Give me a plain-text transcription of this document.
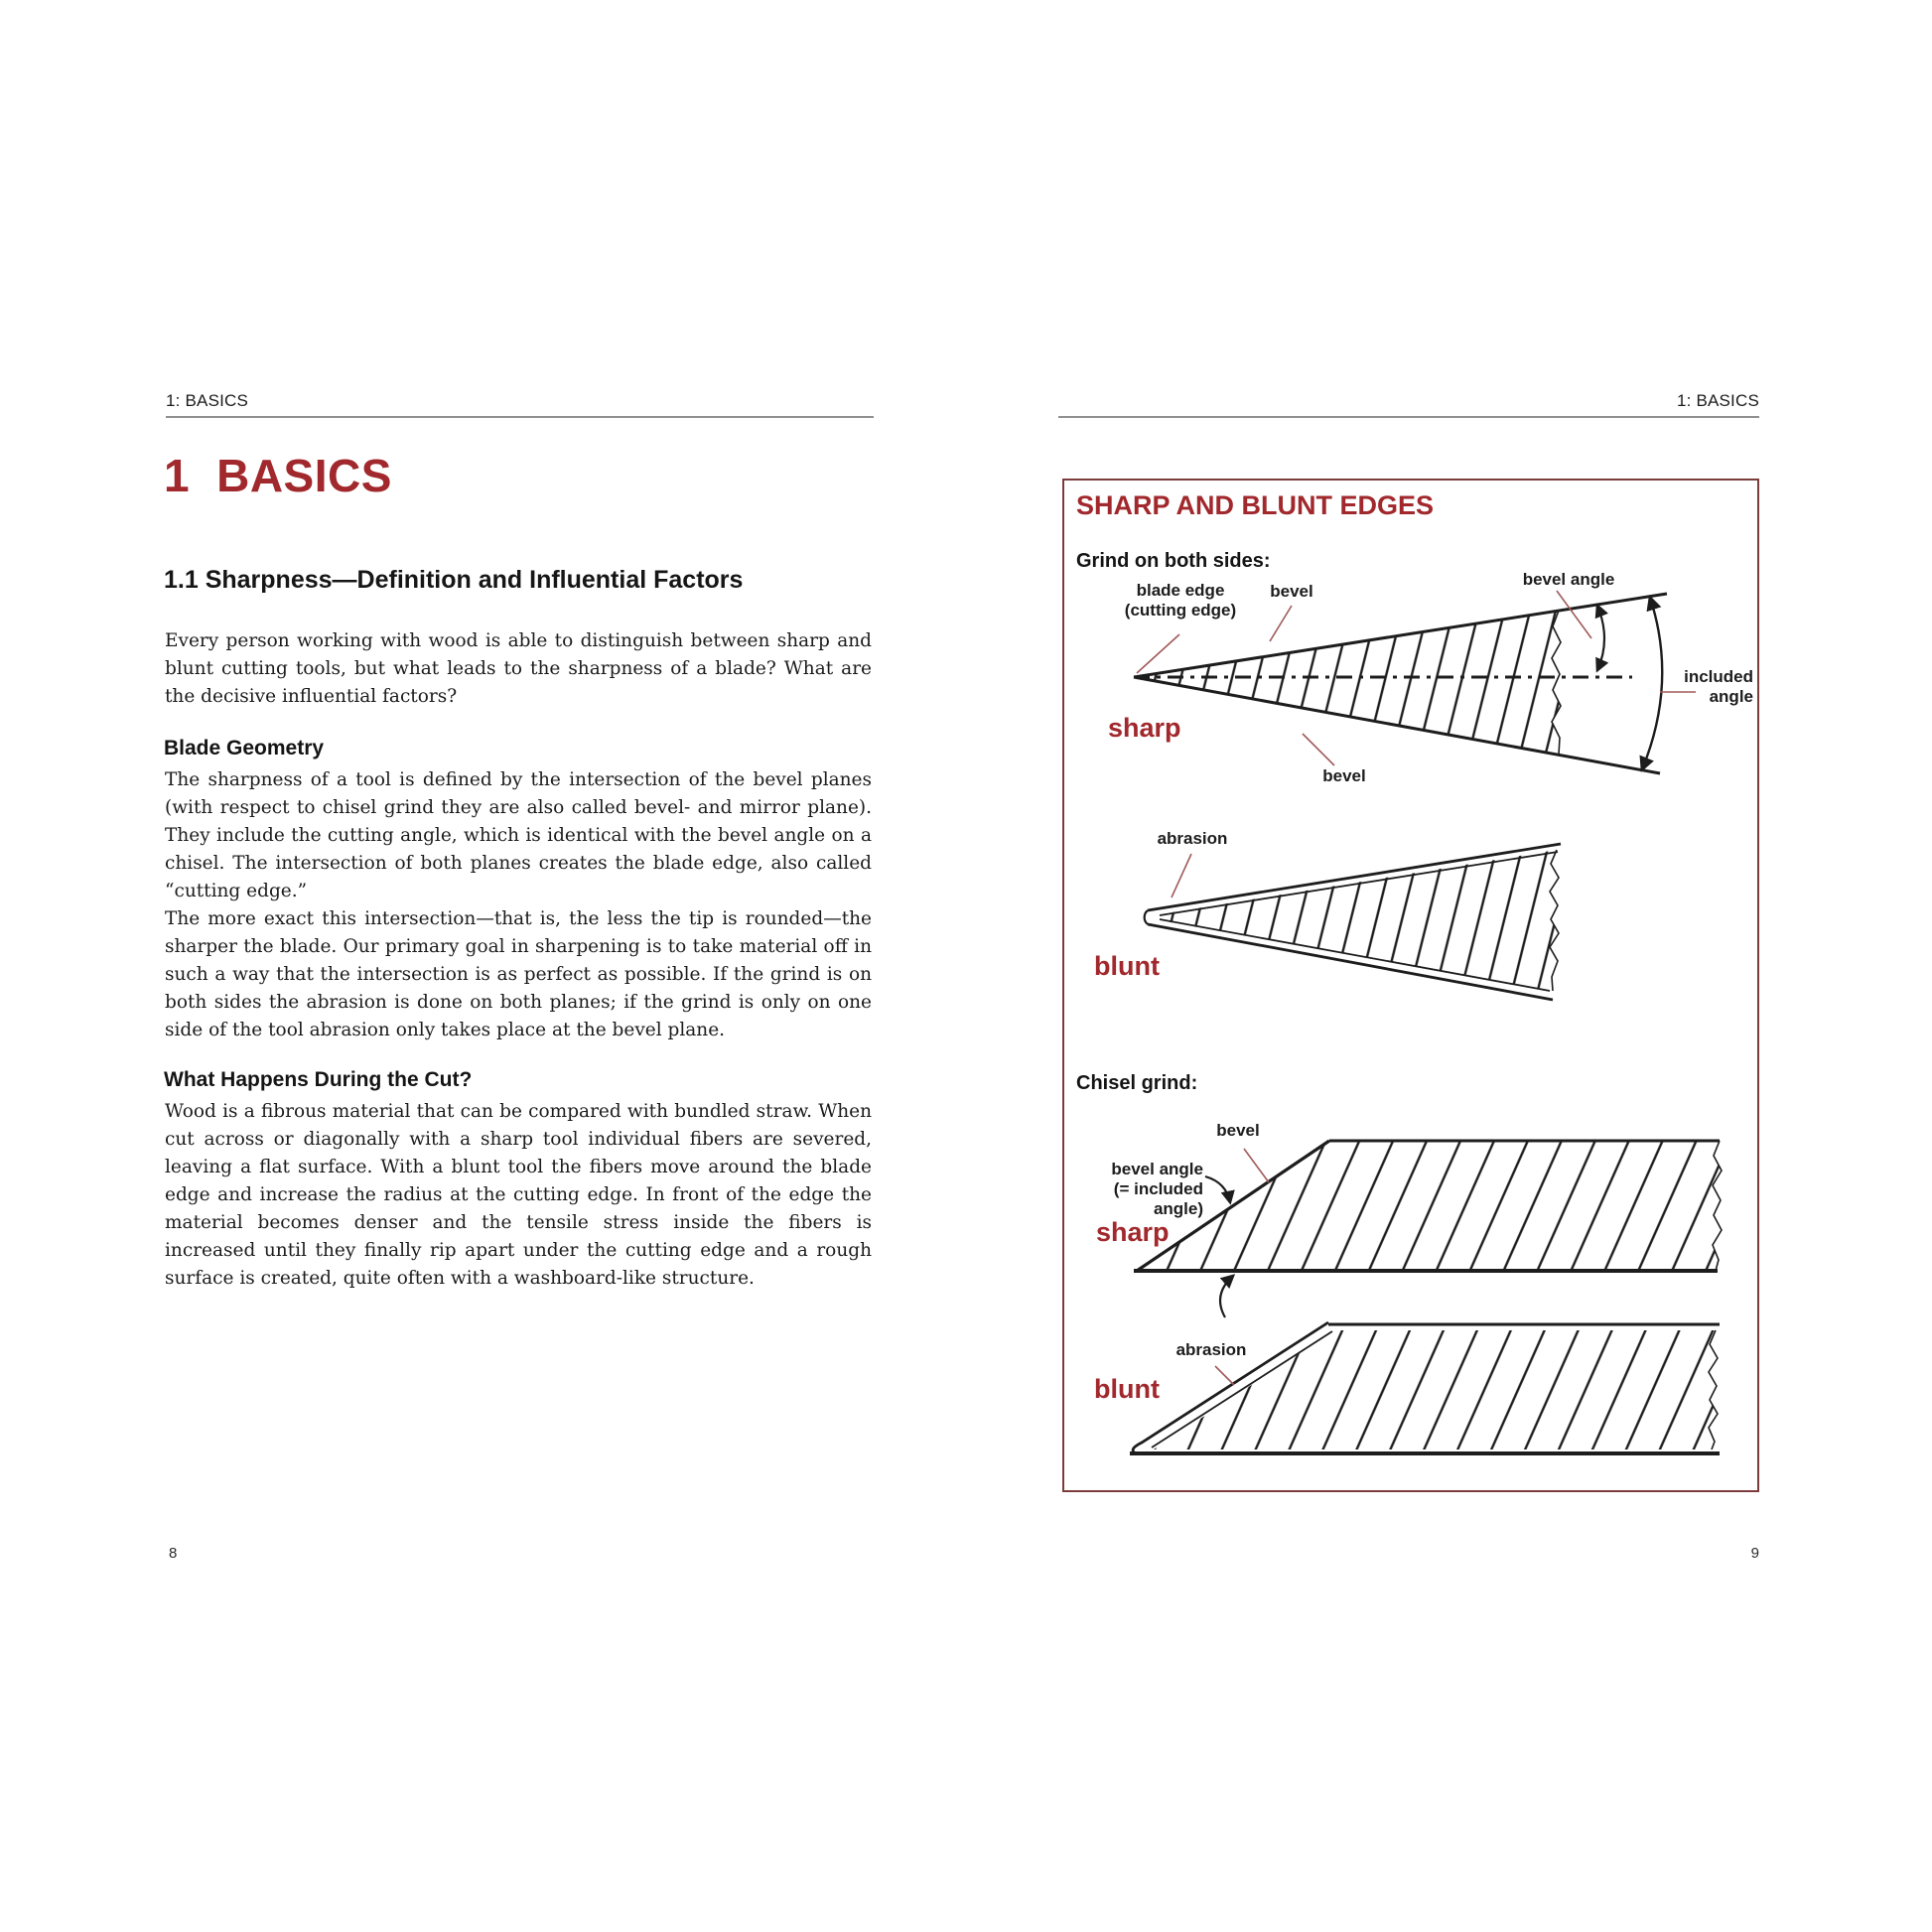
1: BASICS
1 BASICS
1.1 Sharpness—Definition and Influential Factors

Every person working with wood is able to distinguish between sharp and blunt cutting tools, but what leads to the sharpness of a blade? What are the decisive influential factors?

Blade Geometry

The sharpness of a tool is defined by the intersection of the bevel planes (with respect to chisel grind they are also called bevel- and mirror plane). They include the cutting angle, which is identical with the bevel angle on a chisel. The intersection of both planes creates the blade edge, also called “cutting edge.”

The more exact this intersection—that is, the less the tip is rounded—the sharper the blade. Our primary goal in sharpening is to take material off in such a way that the intersection is as perfect as possible. If the grind is on both sides the abrasion is done on both planes; if the grind is only on one side of the tool abrasion only takes place at the bevel plane.

What Happens During the Cut?

Wood is a fibrous material that can be compared with bundled straw. When cut across or diagonally with a sharp tool individual fibers are severed, leaving a flat surface. With a blunt tool the fibers move around the blade edge and increase the radius at the cutting edge. In front of the edge the material becomes denser and the tensile stress inside the fibers is increased until they finally rip apart under the cutting edge and a rough surface is created, quite often with a washboard-like structure.

8
1: BASICS
SHARP AND BLUNT EDGES
Grind on both sides:
blade edge
(cutting edge)
bevel
bevel angle
included
angle
sharp
bevel
abrasion
blunt
Chisel grind:
bevel
bevel angle
(= included angle)
sharp
abrasion
blunt
9
